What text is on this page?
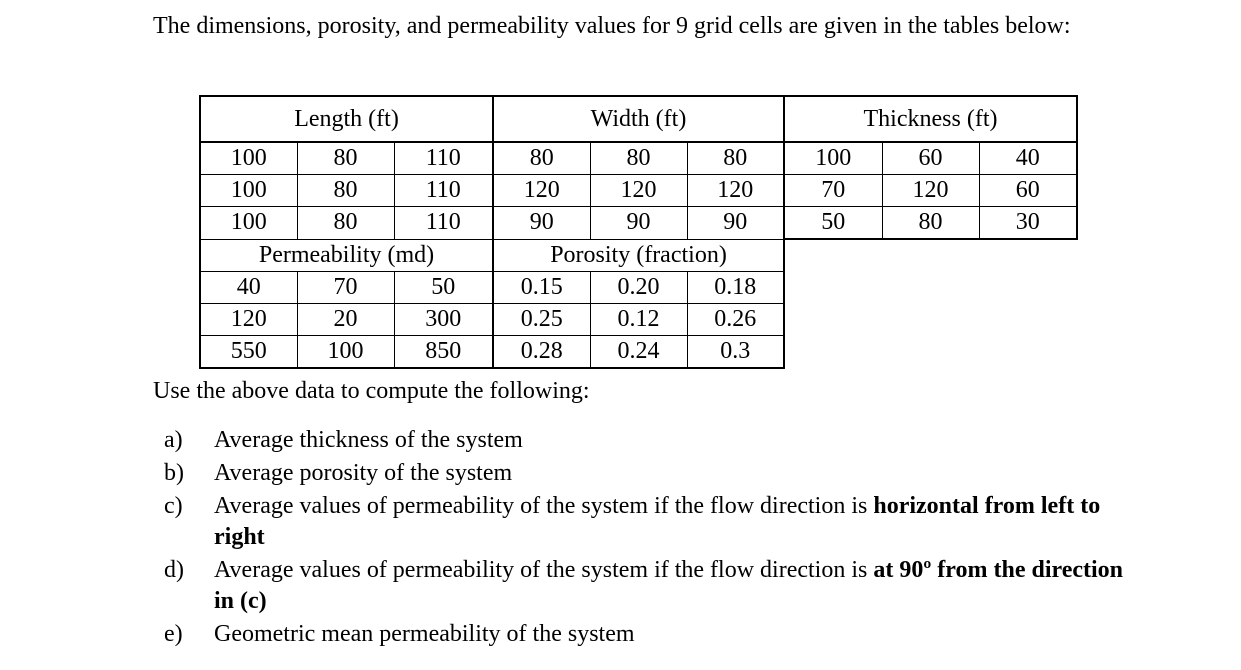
The dimensions, porosity, and permeability values for 9 grid cells are given in the tables below:

Length (ft)			Width (ft)			Thickness (ft)		
100	80	110	80	80	80	100	60	40
100	80	110	120	120	120	70	120	60
100	80	110	90	90	90	50	80	30
Permeability (md)			Porosity (fraction)					
40	70	50	0.15	0.20	0.18			
120	20	300	0.25	0.12	0.26			
550	100	850	0.28	0.24	0.3			

Use the above data to compute the following:

a) Average thickness of the system
b) Average porosity of the system
c) Average values of permeability of the system if the flow direction is horizontal from left to right
d) Average values of permeability of the system if the flow direction is at 90º from the direction in (c)
e) Geometric mean permeability of the system
